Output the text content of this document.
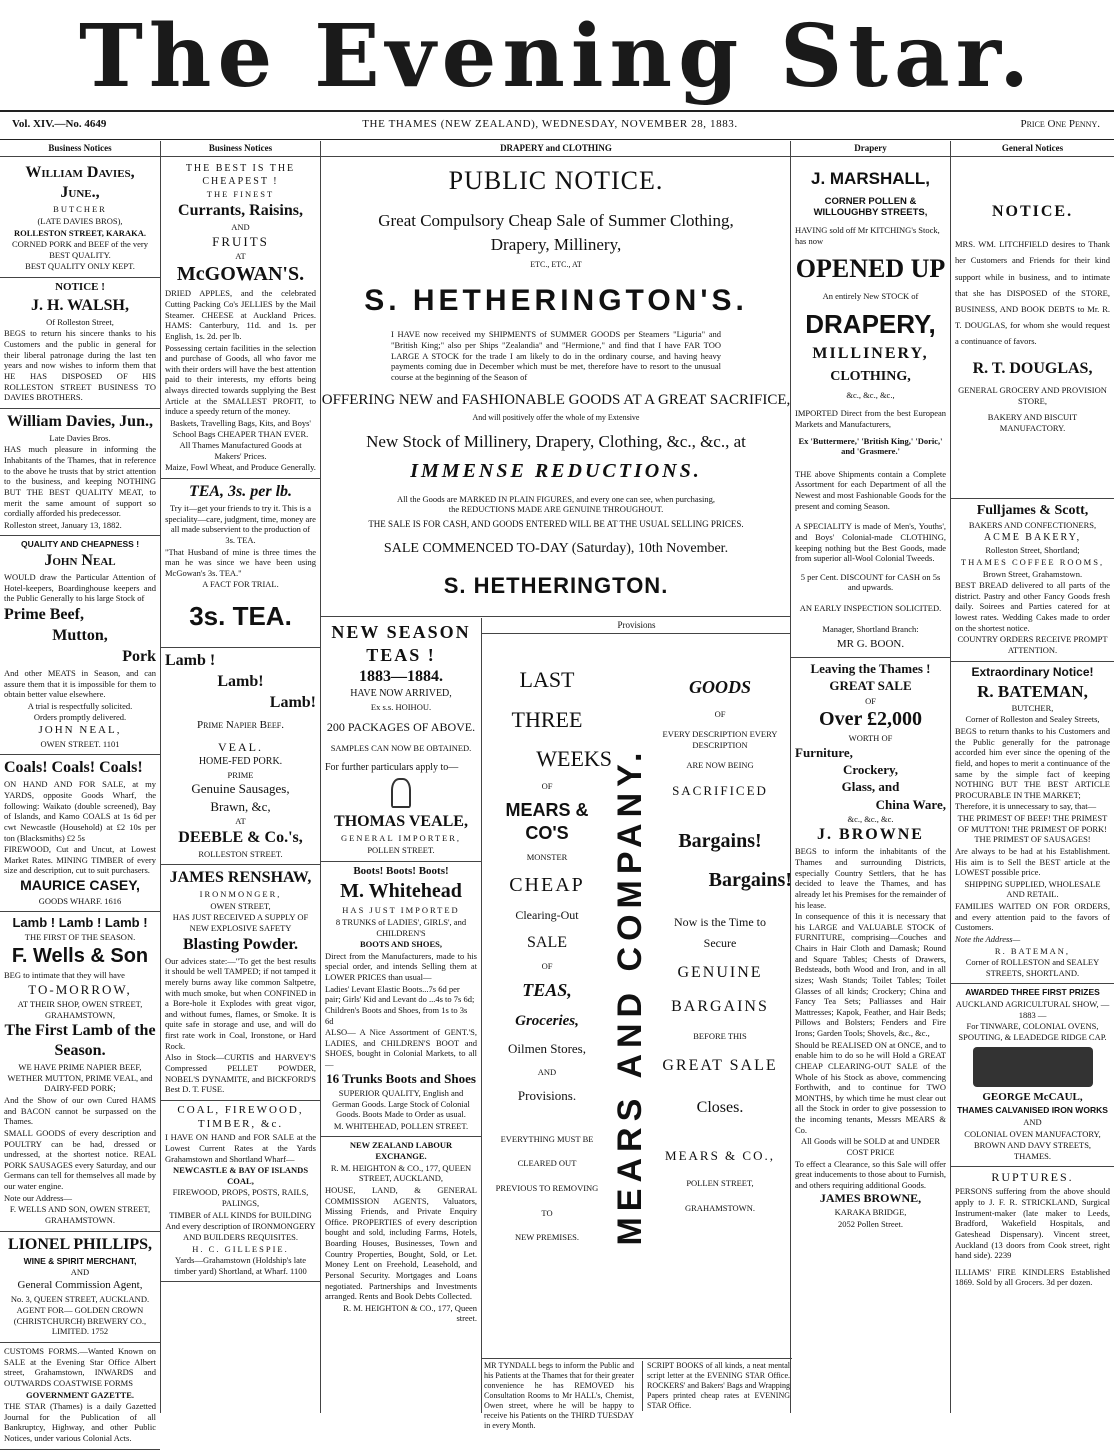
The Evening Star.
Vol. XIV.—No. 4649	THE THAMES (NEW ZEALAND), WEDNESDAY, NOVEMBER 28, 1883.	Price One Penny.
Business Notices

William Davies, June.,

BUTCHER

(LATE DAVIES BROS),

ROLLESTON STREET, KARAKA.

CORNED PORK and BEEF of the very BEST QUALITY.

BEST QUALITY ONLY KEPT.

NOTICE !

J. H. WALSH,

Of Rolleston Street,

BEGS to return his sincere thanks to his Customers and the public in general for their liberal patronage during the last ten years and now wishes to inform them that HE HAS DISPOSED OF HIS ROLLESTON STREET BUSINESS TO DAVIES BROTHERS.

William Davies, Jun.,

Late Davies Bros.

HAS much pleasure in informing the Inhabitants of the Thames, that in reference to the above he trusts that by strict attention to the business, and keeping NOTHING BUT THE BEST QUALITY MEAT, to merit the same amount of support so cordially afforded his predecessor.

Rolleston street, January 13, 1882.

QUALITY AND CHEAPNESS !

John Neal

WOULD draw the Particular Attention of Hotel-keepers, Boardinghouse keepers and the Public Generally to his large Stock of

Prime Beef,

Mutton,

Pork

And other MEATS in Season, and can assure them that it is impossible for them to obtain better value elsewhere.

A trial is respectfully solicited.

Orders promptly delivered.

JOHN NEAL,

OWEN STREET. 1101

Coals! Coals! Coals!

ON HAND AND FOR SALE, at my YARDS, opposite Goods Wharf, the following: Waikato (double screened), Bay of Islands, and Kamo COALS at 1s 6d per cwt Newcastle (Household) at £2 10s per ton (Blacksmiths) £2 5s

FIREWOOD, Cut and Uncut, at Lowest Market Rates. MINING TIMBER of every size and description, cut to suit purchasers.

MAURICE CASEY,

GOODS WHARF. 1616

Lamb ! Lamb ! Lamb !

THE FIRST OF THE SEASON.

F. Wells & Son

BEG to intimate that they will have

TO-MORROW,

AT THEIR SHOP, OWEN STREET, GRAHAMSTOWN,

The First Lamb of the Season.

WE HAVE PRIME NAPIER BEEF, WETHER MUTTON, PRIME VEAL, and DAIRY-FED PORK;

And the Show of our own Cured HAMS and BACON cannot be surpassed on the Thames.

SMALL GOODS of every description and POULTRY can be had, dressed or undressed, at the shortest notice. REAL PORK SAUSAGES every Saturday, and our Germans can tell for themselves all made by our water engine.

Note our Address—

F. WELLS AND SON, OWEN STREET, GRAHAMSTOWN.

LIONEL PHILLIPS,

WINE & SPIRIT MERCHANT,

AND

General Commission Agent,

No. 3, QUEEN STREET, AUCKLAND.

AGENT FOR— GOLDEN CROWN (CHRISTCHURCH) BREWERY CO., LIMITED. 1752

CUSTOMS FORMS.—Wanted Known on SALE at the Evening Star Office Albert street, Grahamstown, INWARDS and OUTWARDS COASTWISE FORMS

GOVERNMENT GAZETTE.

THE STAR (Thames) is a daily Gazetted Journal for the Publication of all Bankruptcy, Highway, and other Public Notices, under various Colonial Acts.

Business Notices

THE BEST IS THE CHEAPEST !

THE FINEST

Currants, Raisins,

AND

FRUITS

AT

McGOWAN'S.

DRIED APPLES, and the celebrated Cutting Packing Co's JELLIES by the Mail Steamer. CHEESE at Auckland Prices. HAMS: Canterbury, 11d. and 1s. per English, 1s. 2d. per lb.

Possessing certain facilities in the selection and purchase of Goods, all who favor me with their orders will have the best attention paid to their interests, my efforts being always directed towards supplying the Best Article at the SMALLEST PROFIT, to induce a speedy return of the money.

Baskets, Travelling Bags, Kits, and Boys' School Bags CHEAPER THAN EVER.

All Thames Manufactured Goods at Makers' Prices.

Maize, Fowl Wheat, and Produce Generally.

TEA, 3s. per lb.

Try it—get your friends to try it. This is a speciality—care, judgment, time, money are all made subservient to the production of 3s. TEA.

"That Husband of mine is three times the man he was since we have been using McGowan's 3s. TEA."

A FACT FOR TRIAL.

3s. TEA.

Lamb !

Lamb!

Lamb!

Prime Napier Beef.

VEAL.

HOME-FED PORK.

PRIME

Genuine Sausages,

Brawn, &c,

AT

DEEBLE & Co.'s,

ROLLESTON STREET.

JAMES RENSHAW,

IRONMONGER,

OWEN STREET,

HAS JUST RECEIVED A SUPPLY OF NEW EXPLOSIVE SAFETY

Blasting Powder.

Our advices state:—"To get the best results it should be well TAMPED; if not tamped it merely burns away like common Saltpetre, with much smoke, but when CONFINED in a Bore-hole it Explodes with great vigor, and without fumes, flames, or Smoke. It is quite safe in storage and use, and will do first rate work in Coal, Ironstone, or Hard Rock.

Also in Stock—CURTIS and HARVEY'S Compressed PELLET POWDER, NOBEL'S DYNAMITE, and BICKFORD'S Best D. T. FUSE.

COAL, FIREWOOD, TIMBER, &c.

I HAVE ON HAND and FOR SALE at the Lowest Current Rates at the Yards Grahamstown and Shortland Wharf—

NEWCASTLE & BAY OF ISLANDS COAL,

FIREWOOD, PROPS, POSTS, RAILS, PALINGS,

TIMBER of ALL KINDS for BUILDING

And every description of IRONMONGERY AND BUILDERS REQUISITES.

H. C. GILLESPIE.

Yards—Grahamstown (Holdship's late timber yard) Shortland, at Wharf. 1100

DRAPERY and CLOTHING

PUBLIC NOTICE.

Great Compulsory Cheap Sale of Summer Clothing,

Drapery, Millinery,

ETC., ETC., AT

S. HETHERINGTON'S.

I HAVE now received my SHIPMENTS of SUMMER GOODS per Steamers "Liguria" and "British King;" also per Ships "Zealandia" and "Hermione," and find that I have FAR TOO LARGE A STOCK for the trade I am likely to do in the ordinary course, and having heavy payments coming due in December which must be met, therefore have to resort to the unusual course at the beginning of the Season of

OFFERING NEW and FASHIONABLE GOODS AT A GREAT SACRIFICE,

And will positively offer the whole of my Extensive

New Stock of Millinery, Drapery, Clothing, &c., &c., at

IMMENSE REDUCTIONS.

All the Goods are MARKED IN PLAIN FIGURES, and every one can see, when purchasing, the REDUCTIONS MADE ARE GENUINE THROUGHOUT.

THE SALE IS FOR CASH, AND GOODS ENTERED WILL BE AT THE USUAL SELLING PRICES.

SALE COMMENCED TO-DAY (Saturday), 10th November.

S. HETHERINGTON.

NEW SEASON TEAS !

1883—1884.

HAVE NOW ARRIVED,

Ex s.s. HOIHOU.

200 PACKAGES OF ABOVE.

SAMPLES CAN NOW BE OBTAINED.

For further particulars apply to—

THOMAS VEALE,

GENERAL IMPORTER,

POLLEN STREET.

Boots! Boots! Boots!

M. Whitehead

HAS JUST IMPORTED

8 TRUNKS of LADIES', GIRLS', and CHILDREN'S

BOOTS AND SHOES,

Direct from the Manufacturers, made to his special order, and intends Selling them at LOWER PRICES than usual—

Ladies' Levant Elastic Boots...7s 6d per pair; Girls' Kid and Levant do ...4s to 7s 6d; Children's Boots and Shoes, from 1s to 3s 6d

ALSO— A Nice Assortment of GENT.'S, LADIES, and CHILDREN'S BOOT and SHOES, bought in Colonial Markets, to all—

16 Trunks Boots and Shoes

SUPERIOR QUALITY, English and German Goods. Large Stock of Colonial Goods. Boots Made to Order as usual.

M. WHITEHEAD, POLLEN STREET.

NEW ZEALAND LABOUR EXCHANGE.

R. M. HEIGHTON & CO., 177, QUEEN STREET, AUCKLAND,

HOUSE, LAND, & GENERAL COMMISSION AGENTS, Valuators, Missing Friends, and Private Enquiry Office. PROPERTIES of every description bought and sold, including Farms, Hotels, Boarding Houses, Businesses, Town and Country Properties, Bought, Sold, or Let. Money Lent on Freehold, Leasehold, and Personal Security. Mortgages and Loans negotiated. Partnerships and Investments arranged. Rents and Book Debts Collected.

R. M. HEIGHTON & CO., 177, Queen street.

Provisions

LAST

THREE

WEEKS

OF

MEARS & CO'S

MONSTER

CHEAP

Clearing-Out

SALE

OF

TEAS,

Groceries,

Oilmen Stores,

AND

Provisions.

EVERYTHING MUST BE

CLEARED OUT

PREVIOUS TO REMOVING

TO

NEW PREMISES. MEARS AND COMPANY.

GOODS

OF

EVERY DESCRIPTION EVERY DESCRIPTION

ARE NOW BEING

SACRIFICED

Bargains!

Bargains!

Now is the Time to

Secure

GENUINE

BARGAINS

BEFORE THIS

GREAT SALE

Closes.

MEARS & CO.,

POLLEN STREET,

GRAHAMSTOWN.

MR TYNDALL begs to inform the Public and his Patients at the Thames that for their greater convenience he has REMOVED his Consultation Rooms to Mr HALL's, Chemist, Owen street, where he will be happy to receive his Patients on the THIRD TUESDAY in every Month.

SCRIPT BOOKS of all kinds, a neat mental script letter at the EVENING STAR Office. ROCKERS' and Bakers' Bags and Wrapping Papers printed cheap rates at EVENING STAR Office.

Drapery

J. MARSHALL,

CORNER POLLEN & WILLOUGHBY STREETS,

HAVING sold off Mr KITCHING's Stock, has now

OPENED UP

An entirely New STOCK of

DRAPERY,

MILLINERY,

CLOTHING,

&c., &c., &c.,

IMPORTED Direct from the best European Markets and Manufacturers,

Ex 'Buttermere,' 'British King,' 'Doric,' and 'Grasmere.'

THE above Shipments contain a Complete Assortment for each Department of all the Newest and most Fashionable Goods for the present and coming Season.

A SPECIALITY is made of Men's, Youths', and Boys' Colonial-made CLOTHING, keeping nothing but the Best Goods, made from superior all-Wool Colonial Tweeds.

5 per Cent. DISCOUNT for CASH on 5s and upwards.

AN EARLY INSPECTION SOLICITED.

Manager, Shortland Branch:

MR G. BOON.

Leaving the Thames !

GREAT SALE

OF

Over £2,000

WORTH OF

Furniture,

Crockery,

Glass, and

China Ware,

&c., &c., &c.

J. BROWNE

BEGS to inform the inhabitants of the Thames and surrounding Districts, especially Country Settlers, that he has decided to leave the Thames, and has already let his Premises for the remainder of his lease.

In consequence of this it is necessary that his LARGE and VALUABLE STOCK of FURNITURE, comprising—Couches and Chairs in Hair Cloth and Damask; Round and Square Tables; Chests of Drawers, Bedsteads, both Wood and Iron, and in all sizes; Wash Stands; Toilet Tables; Toilet Glasses of all kinds; Crockery; China and Fancy Tea Sets; Palliasses and Hair Mattresses; Kapok, Feather, and Hair Beds; Pillows and Bolsters; Fenders and Fire Irons; Garden Tools; Shovels, &c., &c.,

Should be REALISED ON at ONCE, and to enable him to do so he will Hold a GREAT CHEAP CLEARING-OUT SALE of the Whole of his Stock as above, commencing Forthwith, and to continue for TWO MONTHS, by which time he must clear out all the Stock in order to give possession to the incoming tenants, Messrs MEARS & Co.

All Goods will be SOLD at and UNDER COST PRICE

To effect a Clearance, so this Sale will offer great inducements to those about to Furnish, and others requiring additional Goods.

JAMES BROWNE,

KARAKA BRIDGE,

2052 Pollen Street.

General Notices

NOTICE.

MRS. WM. LITCHFIELD desires to Thank her Customers and Friends for their kind support while in business, and to intimate that she has DISPOSED of the STORE, BUSINESS, AND BOOK DEBTS to Mr. R. T. DOUGLAS, for whom she would request a continuance of favors.

R. T. DOUGLAS,

GENERAL GROCERY AND PROVISION STORE,

BAKERY AND BISCUIT MANUFACTORY.

Fulljames & Scott,

BAKERS AND CONFECTIONERS,

ACME BAKERY,

Rolleston Street, Shortland;

THAMES COFFEE ROOMS,

Brown Street, Grahamstown.

BEST BREAD delivered to all parts of the district. Pastry and other Fancy Goods fresh daily. Soirees and Parties catered for at lowest rates. Wedding Cakes made to order on the shortest notice.

COUNTRY ORDERS RECEIVE PROMPT ATTENTION.

Extraordinary Notice!

R. BATEMAN,

BUTCHER,

Corner of Rolleston and Sealey Streets,

BEGS to return thanks to his Customers and the Public generally for the patronage accorded him ever since the opening of the field, and hopes to merit a continuance of the same by the simple fact of keeping NOTHING BUT THE BEST ARTICLE PROCURABLE IN THE MARKET;

Therefore, it is unnecessary to say, that—

THE PRIMEST OF BEEF! THE PRIMEST OF MUTTON! THE PRIMEST OF PORK! THE PRIMEST OF SAUSAGES!

Are always to be had at his Establishment. His aim is to Sell the BEST article at the LOWEST possible price.

SHIPPING SUPPLIED, WHOLESALE AND RETAIL.

FAMILIES WAITED ON FOR ORDERS, and every attention paid to the favors of Customers.

Note the Address—

R. BATEMAN,

Corner of ROLLESTON and SEALEY STREETS, SHORTLAND.

AWARDED THREE FIRST PRIZES

AUCKLAND AGRICULTURAL SHOW, — 1883 —

For TINWARE, COLONIAL OVENS, SPOUTING, & LEADEDGE RIDGE CAP.

GEORGE McCAUL,

THAMES CALVANISED IRON WORKS

AND

COLONIAL OVEN MANUFACTORY,

BROWN AND DAVY STREETS, THAMES.

RUPTURES.

PERSONS suffering from the above should apply to J. F. R. STRICKLAND, Surgical Instrument-maker (late maker to Leeds, Bradford, Wakefield Hospitals, and Gateshead Dispensary). Vincent street, Auckland (13 doors from Cook street, right hand side). 2239

ILLIAMS' FIRE KINDLERS Established 1869. Sold by all Grocers. 3d per dozen.
